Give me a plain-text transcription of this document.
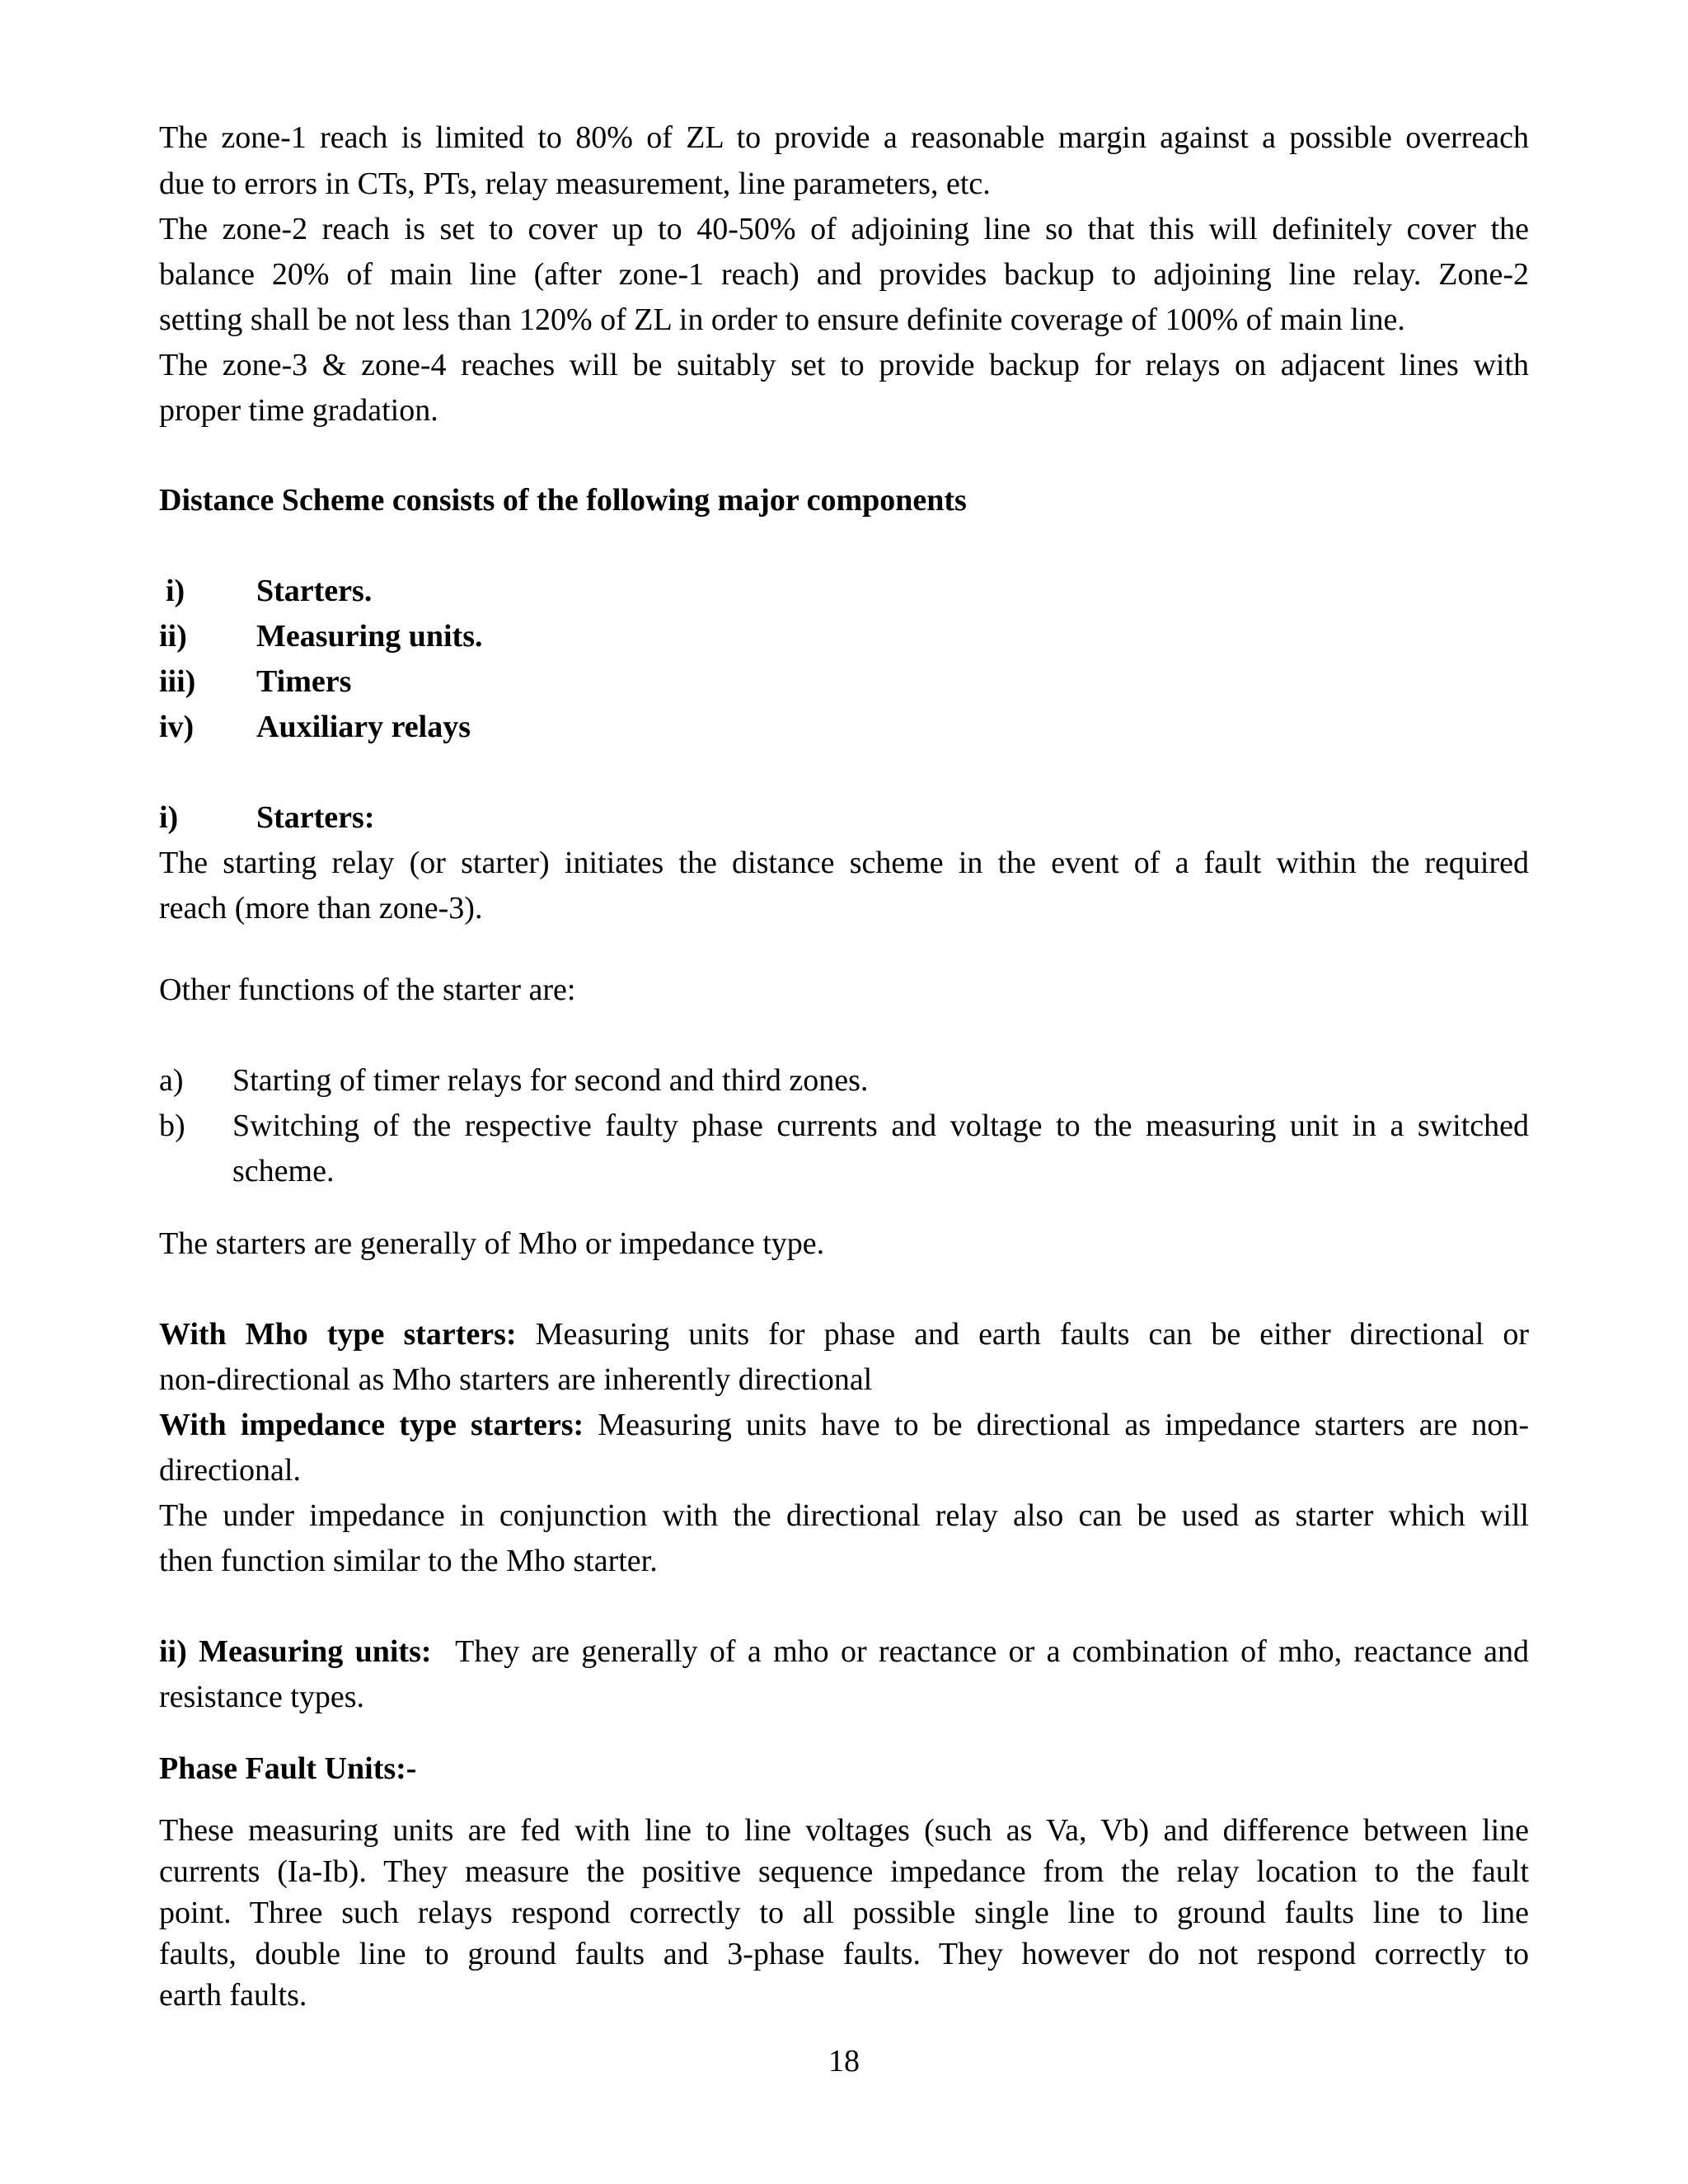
The zone-1 reach is limited to 80% of ZL to provide a reasonable margin against a possible overreach
due to errors in CTs, PTs, relay measurement, line parameters, etc.
The zone-2 reach is set to cover up to 40-50% of adjoining line so that this will definitely cover the
balance 20% of main line (after zone-1 reach) and provides backup to adjoining line relay. Zone-2
setting shall be not less than 120% of ZL in order to ensure definite coverage of 100% of main line.
The zone-3 & zone-4 reaches will be suitably set to provide backup for relays on adjacent lines with
proper time gradation.
Distance Scheme consists of the following major components
i) Starters.
ii) Measuring units.
iii) Timers
iv) Auxiliary relays
i) Starters:
The starting relay (or starter) initiates the distance scheme in the event of a fault within the required
reach (more than zone-3).
Other functions of the starter are:
a) Starting of timer relays for second and third zones.
b) Switching of the respective faulty phase currents and voltage to the measuring unit in a switched
scheme.
The starters are generally of Mho or impedance type.
With Mho type starters: Measuring units for phase and earth faults can be either directional or
non-directional as Mho starters are inherently directional
With impedance type starters: Measuring units have to be directional as impedance starters are non-
directional.
The under impedance in conjunction with the directional relay also can be used as starter which will
then function similar to the Mho starter.
ii) Measuring units:  They are generally of a mho or reactance or a combination of mho, reactance and
resistance types.
Phase Fault Units:-
These measuring units are fed with line to line voltages (such as Va, Vb) and difference between line
currents (Ia-Ib). They measure the positive sequence impedance from the relay location to the fault
point. Three such relays respond correctly to all possible single line to ground faults line to line
faults, double line to ground faults and 3-phase faults. They however do not respond correctly to
earth faults.
18
